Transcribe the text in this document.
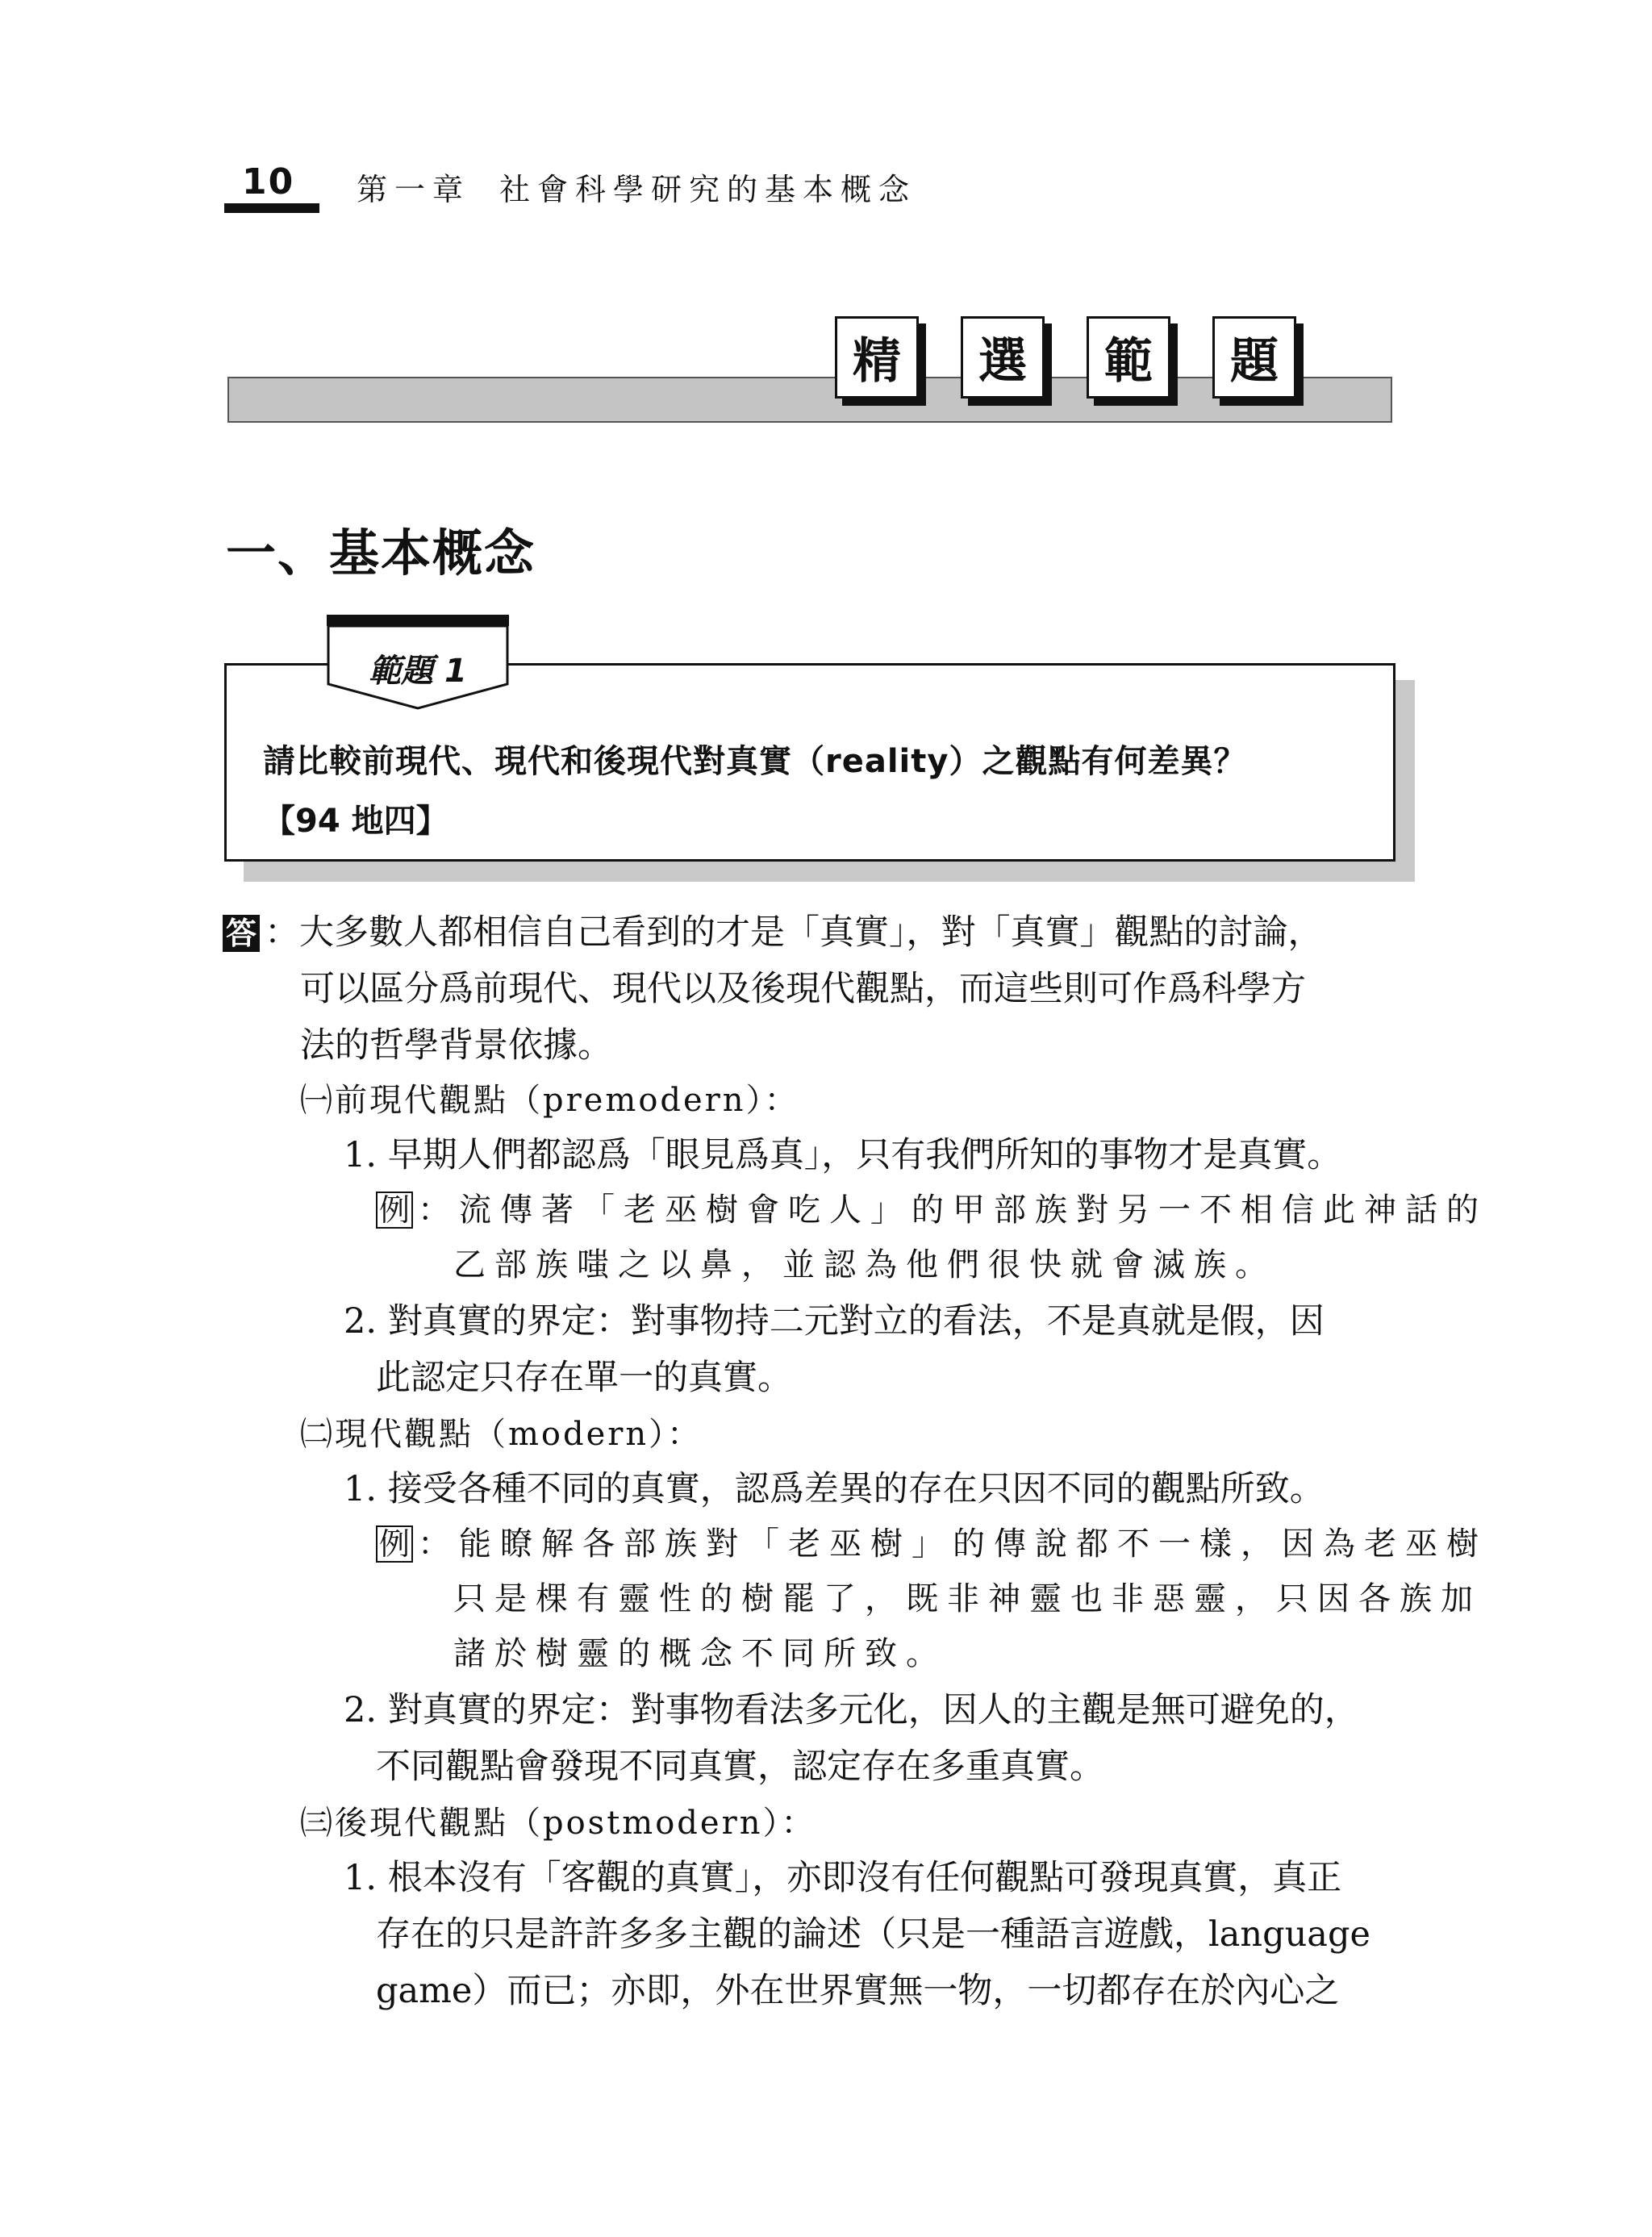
10 第一章 社會科學研究的基本概念
精	選	範	題
一、基本概念
範題 1
請比較前現代、現代和後現代對真實（reality）之觀點有何差異？
【94 地四】
答 ：大多數人都相信自己看到的才是「真實」，對「真實」觀點的討論，
可以區分爲前現代、現代以及後現代觀點，而這些則可作爲科學方
法的哲學背景依據。
㈠前現代觀點（premodern）：
1. 早期人們都認爲「眼見爲真」，只有我們所知的事物才是真實。
例 ：流傳著「老巫樹會吃人」的甲部族對另一不相信此神話的
乙部族嗤之以鼻，並認為他們很快就會滅族。
2. 對真實的界定：對事物持二元對立的看法，不是真就是假，因
此認定只存在單一的真實。
㈡現代觀點（modern）：
1. 接受各種不同的真實，認爲差異的存在只因不同的觀點所致。
例 ：能瞭解各部族對「老巫樹」的傳說都不一樣，因為老巫樹
只是棵有靈性的樹罷了，既非神靈也非惡靈，只因各族加
諸於樹靈的概念不同所致。
2. 對真實的界定：對事物看法多元化，因人的主觀是無可避免的，
不同觀點會發現不同真實，認定存在多重真實。
㈢後現代觀點（postmodern）：
1. 根本沒有「客觀的真實」，亦即沒有任何觀點可發現真實，真正
存在的只是許許多多主觀的論述（只是一種語言遊戲，language
game）而已；亦即，外在世界實無一物，一切都存在於內心之
